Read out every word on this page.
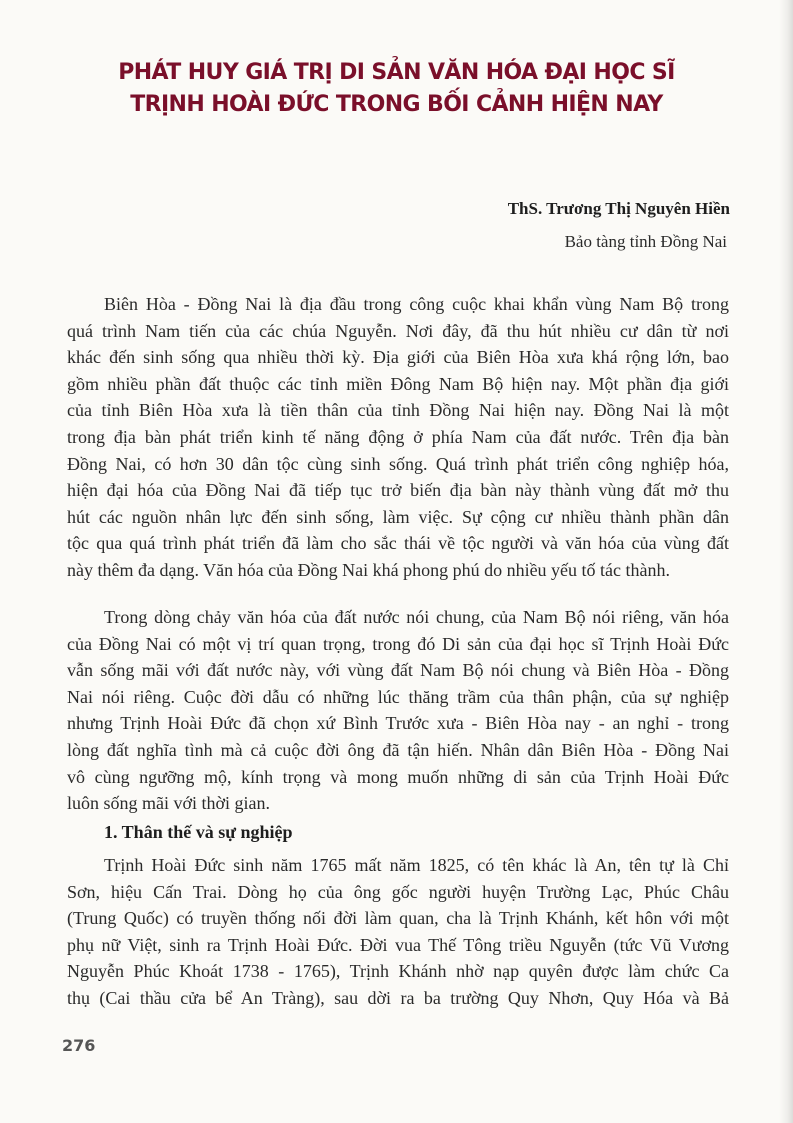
PHÁT HUY GIÁ TRỊ DI SẢN VĂN HÓA ĐẠI HỌC SĨ
TRỊNH HOÀI ĐỨC TRONG BỐI CẢNH HIỆN NAY
ThS. Trương Thị Nguyên Hiền
Bảo tàng tỉnh Đồng Nai
Biên Hòa - Đồng Nai là địa đầu trong công cuộc khai khẩn vùng Nam Bộ trong
quá trình Nam tiến của các chúa Nguyễn. Nơi đây, đã thu hút nhiều cư dân từ nơi
khác đến sinh sống qua nhiều thời kỳ. Địa giới của Biên Hòa xưa khá rộng lớn, bao
gồm nhiều phần đất thuộc các tỉnh miền Đông Nam Bộ hiện nay. Một phần địa giới
của tỉnh Biên Hòa xưa là tiền thân của tỉnh Đồng Nai hiện nay. Đồng Nai là một
trong địa bàn phát triển kinh tế năng động ở phía Nam của đất nước. Trên địa bàn
Đồng Nai, có hơn 30 dân tộc cùng sinh sống. Quá trình phát triển công nghiệp hóa,
hiện đại hóa của Đồng Nai đã tiếp tục trở biến địa bàn này thành vùng đất mở thu
hút các nguồn nhân lực đến sinh sống, làm việc. Sự cộng cư nhiều thành phần dân
tộc qua quá trình phát triển đã làm cho sắc thái về tộc người và văn hóa của vùng đất
này thêm đa dạng. Văn hóa của Đồng Nai khá phong phú do nhiều yếu tố tác thành.
Trong dòng chảy văn hóa của đất nước nói chung, của Nam Bộ nói riêng, văn hóa
của Đồng Nai có một vị trí quan trọng, trong đó Di sản của đại học sĩ Trịnh Hoài Đức
vẫn sống mãi với đất nước này, với vùng đất Nam Bộ nói chung và Biên Hòa - Đồng
Nai nói riêng. Cuộc đời dẫu có những lúc thăng trầm của thân phận, của sự nghiệp
nhưng Trịnh Hoài Đức đã chọn xứ Bình Trước xưa - Biên Hòa nay - an nghỉ - trong
lòng đất nghĩa tình mà cả cuộc đời ông đã tận hiến. Nhân dân Biên Hòa - Đồng Nai
vô cùng ngưỡng mộ, kính trọng và mong muốn những di sản của Trịnh Hoài Đức
luôn sống mãi với thời gian.
1. Thân thế và sự nghiệp
Trịnh Hoài Đức sinh năm 1765 mất năm 1825, có tên khác là An, tên tự là Chỉ
Sơn, hiệu Cấn Trai. Dòng họ của ông gốc người huyện Trường Lạc, Phúc Châu
(Trung Quốc) có truyền thống nối đời làm quan, cha là Trịnh Khánh, kết hôn với một
phụ nữ Việt, sinh ra Trịnh Hoài Đức. Đời vua Thế Tông triều Nguyễn (tức Vũ Vương
Nguyễn Phúc Khoát 1738 - 1765), Trịnh Khánh nhờ nạp quyên được làm chức Ca
thụ (Cai thầu cửa bể An Tràng), sau dời ra ba trường Quy Nhơn, Quy Hóa và Bả
276
